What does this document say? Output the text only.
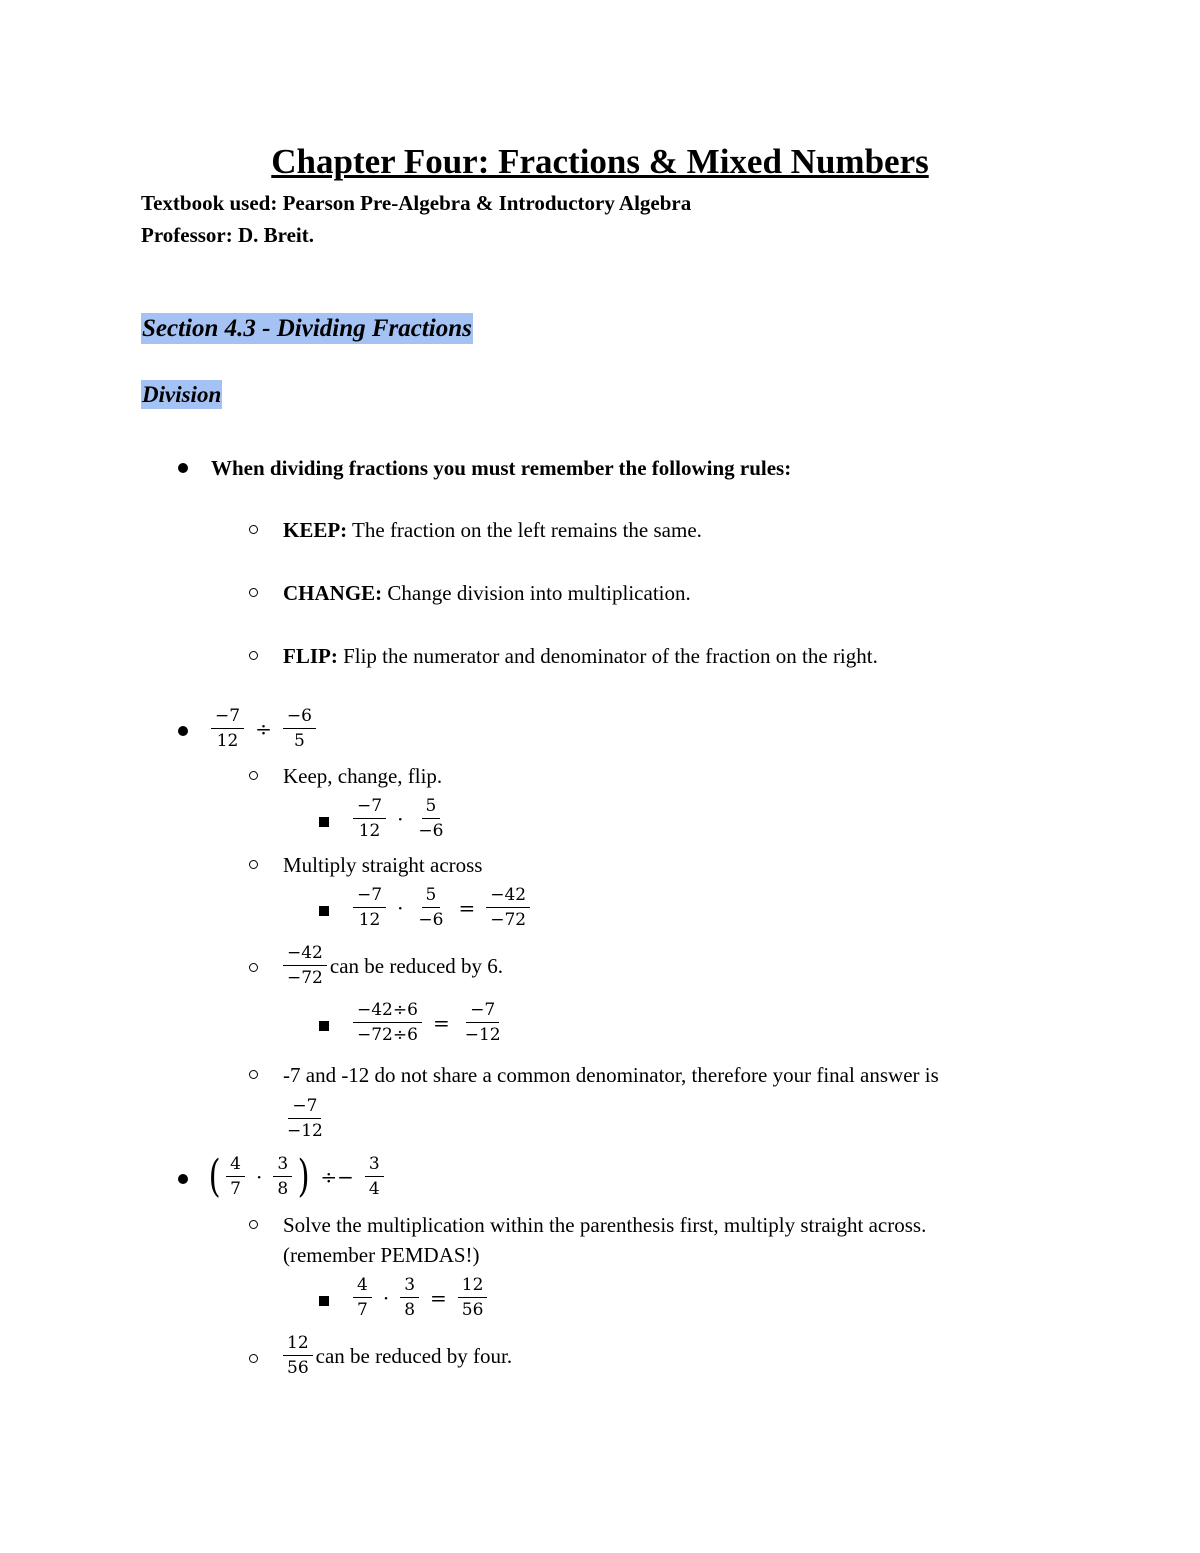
Chapter Four: Fractions & Mixed Numbers
Textbook used: Pearson Pre-Algebra & Introductory Algebra
Professor: D. Breit.
Section 4.3 - Dividing Fractions
Division
When dividing fractions you must remember the following rules:
KEEP: The fraction on the left remains the same.
CHANGE: Change division into multiplication.
FLIP: Flip the numerator and denominator of the fraction on the right.
$\frac{-7}{12} \div \frac{-6}{5}$
Keep, change, flip.
$\frac{-7}{12} \cdot \frac{5}{-6}$
Multiply straight across
$\frac{-7}{12} \cdot \frac{5}{-6} = \frac{-42}{-72}$
$\frac{-42}{-72}$ can be reduced by 6.
$\frac{-42\div 6}{-72\div 6} = \frac{-7}{-12}$
-7 and -12 do not share a common denominator, therefore your final answer is
$\frac{-7}{-12}$
( $\frac{4}{7} \cdot \frac{3}{8}$ ) ÷− $\frac{3}{4}$
Solve the multiplication within the parenthesis first, multiply straight across.
(remember PEMDAS!)
$\frac{4}{7} \cdot \frac{3}{8} = \frac{12}{56}$
$\frac{12}{56}$ can be reduced by four.
